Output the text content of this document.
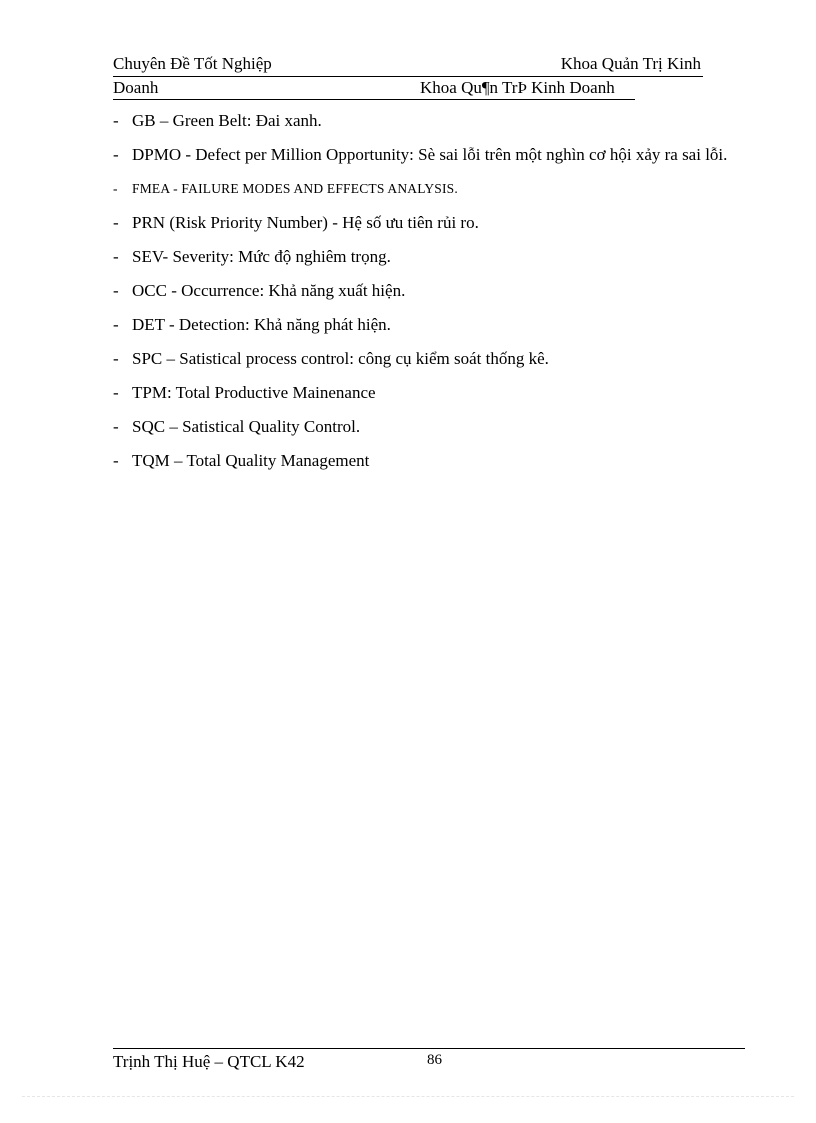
Chuyên Đề Tốt Nghiệp	Khoa Quản Trị Kinh
Doanh	Khoa Qu¶n TrÞ Kinh Doanh
- GB – Green Belt: Đai xanh.
- DPMO - Defect per Million Opportunity: Sè sai lỗi trên một nghìn cơ hội xảy ra sai lỗi.
- FMEA - FAILURE MODES AND EFFECTS ANALYSIS.
- PRN (Risk Priority Number) - Hệ số ưu tiên rủi ro.
- SEV- Severity: Mức độ nghiêm trọng.
- OCC - Occurrence: Khả năng xuất hiện.
- DET - Detection: Khả năng phát hiện.
- SPC – Satistical process control: công cụ kiểm soát thống kê.
- TPM: Total Productive Mainenance
- SQC – Satistical Quality Control.
- TQM – Total Quality Management
Trịnh Thị Huệ – QTCL K42	86
